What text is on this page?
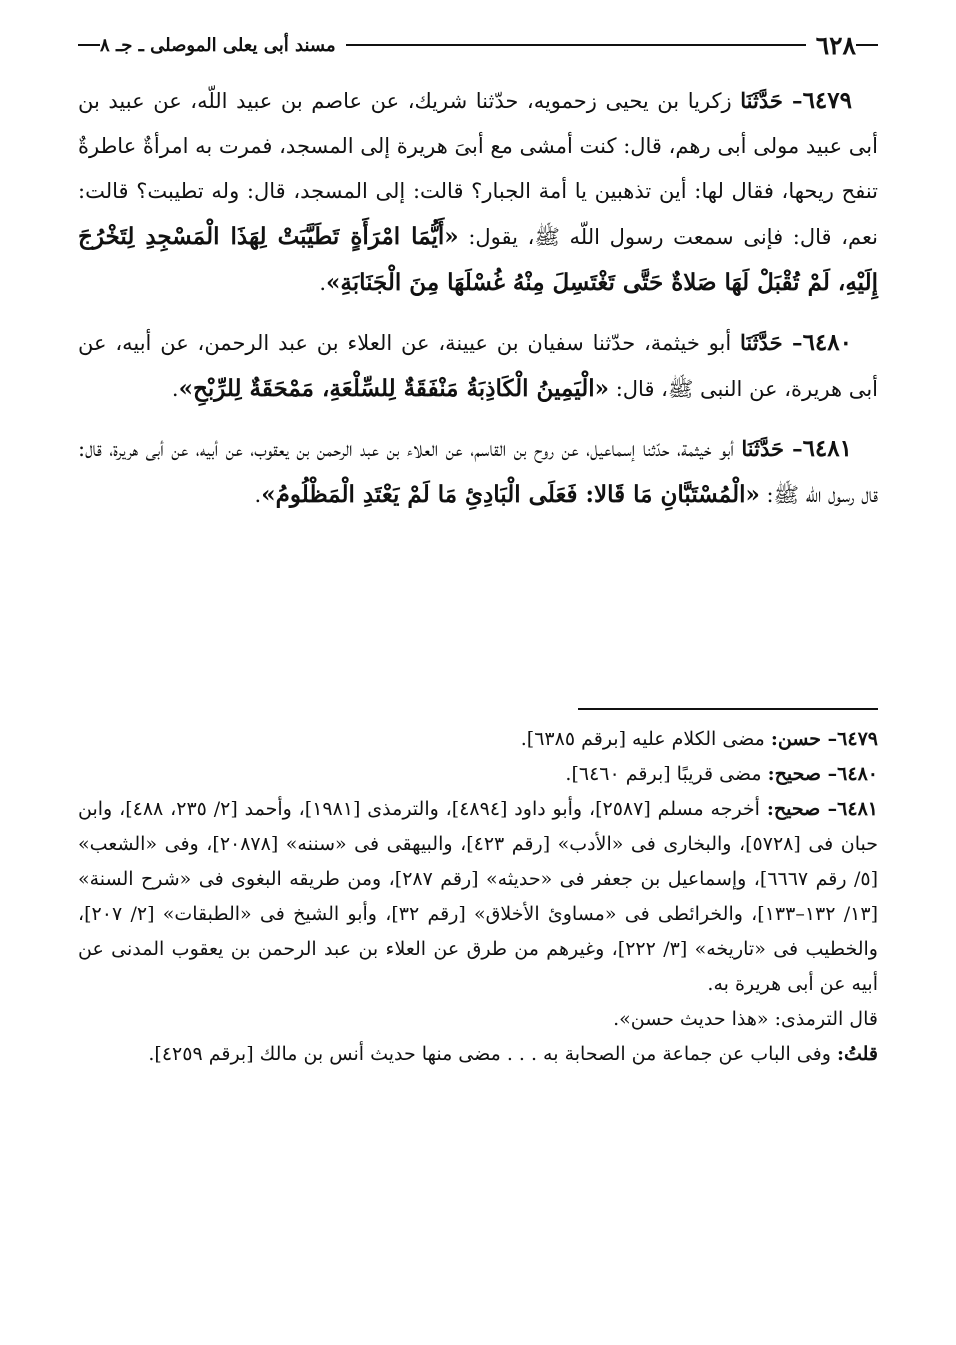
٦٢٨
مسند أبى يعلى الموصلى ـ جـ ٨

٦٤٧٩– حَدَّثَنَا زكريا بن يحيى زحمويه، حدّثنا شريك، عن عاصم بن عبيد اللّه، عن عبيد بن أبى عبيد مولى أبى رهم، قال: كنت أمشى مع أبىَ هريرة إلى المسجد، فمرت به امرأةٌ عاطرةٌ تنفح ريحها، فقال لها: أين تذهبين يا أمة الجبار؟ قالت: إلى المسجد، قال: وله تطيبت؟ قالت: نعم، قال: فإنى سمعت رسول اللّه ﷺ، يقول: «أَيُّمَا امْرَأَةٍ تَطَيَّبَتْ لِهَذَا الْمَسْجِدِ لِتَخْرُجَ إِلَيْهِ، لَمْ تُقْبَلْ لَهَا صَلاةٌ حَتَّى تَغْتَسِلَ مِنْهُ غُسْلَهَا مِنَ الْجَنَابَةِ».

٦٤٨٠– حَدَّثَنَا أبو خيثمة، حدّثنا سفيان بن عيينة، عن العلاء بن عبد الرحمن، عن أبيه، عن أبى هريرة، عن النبى ﷺ، قال: «الْيَمِينُ الْكَاذِبَةُ مَنْفَقَةٌ لِلسِّلْعَةِ، مَمْحَقَةٌ لِلرِّبْحِ».

٦٤٨١– حَدَّثَنَا أبو خيثمة، حدّثنا إسماعيل، عن روح بن القاسم، عن العلاء بن عبد الرحمن بن يعقوب، عن أبيه، عن أبى هريرة، قال: قال رسول اللّه ﷺ: «الْمُسْتَبَّانِ مَا قَالا: فَعَلَى الْبَادِئِ مَا لَمْ يَعْتَدِ الْمَظْلُومُ».

٦٤٧٩– حسن: مضى الكلام عليه [برقم ٦٣٨٥].

٦٤٨٠– صحيح: مضى قريبًا [برقم ٦٤٦٠].

٦٤٨١– صحيح: أخرجه مسلم [٢٥٨٧]، وأبو داود [٤٨٩٤]، والترمذى [١٩٨١]، وأحمد [٢/ ٢٣٥، ٤٨٨]، وابن حبان فى [٥٧٢٨]، والبخارى فى «الأدب» [رقم ٤٢٣]، والبيهقى فى «سننه» [٢٠٨٧٨]، وفى «الشعب» [٥/ رقم ٦٦٦٧]، وإسماعيل بن جعفر فى «حديثه» [رقم ٢٨٧]، ومن طريقه البغوى فى «شرح السنة» [١٣/ ١٣٢–١٣٣]، والخرائطى فى «مساوئ الأخلاق» [رقم ٣٢]، وأبو الشيخ فى «الطبقات» [٢/ ٢٠٧]، والخطيب فى «تاريخه» [٣/ ٢٢٢]، وغيرهم من طرق عن العلاء بن عبد الرحمن بن يعقوب المدنى عن أبيه عن أبى هريرة به.

قال الترمذى: «هذا حديث حسن».

قلتُ: وفى الباب عن جماعة من الصحابة به . . . مضى منها حديث أنس بن مالك [برقم ٤٢٥٩].
